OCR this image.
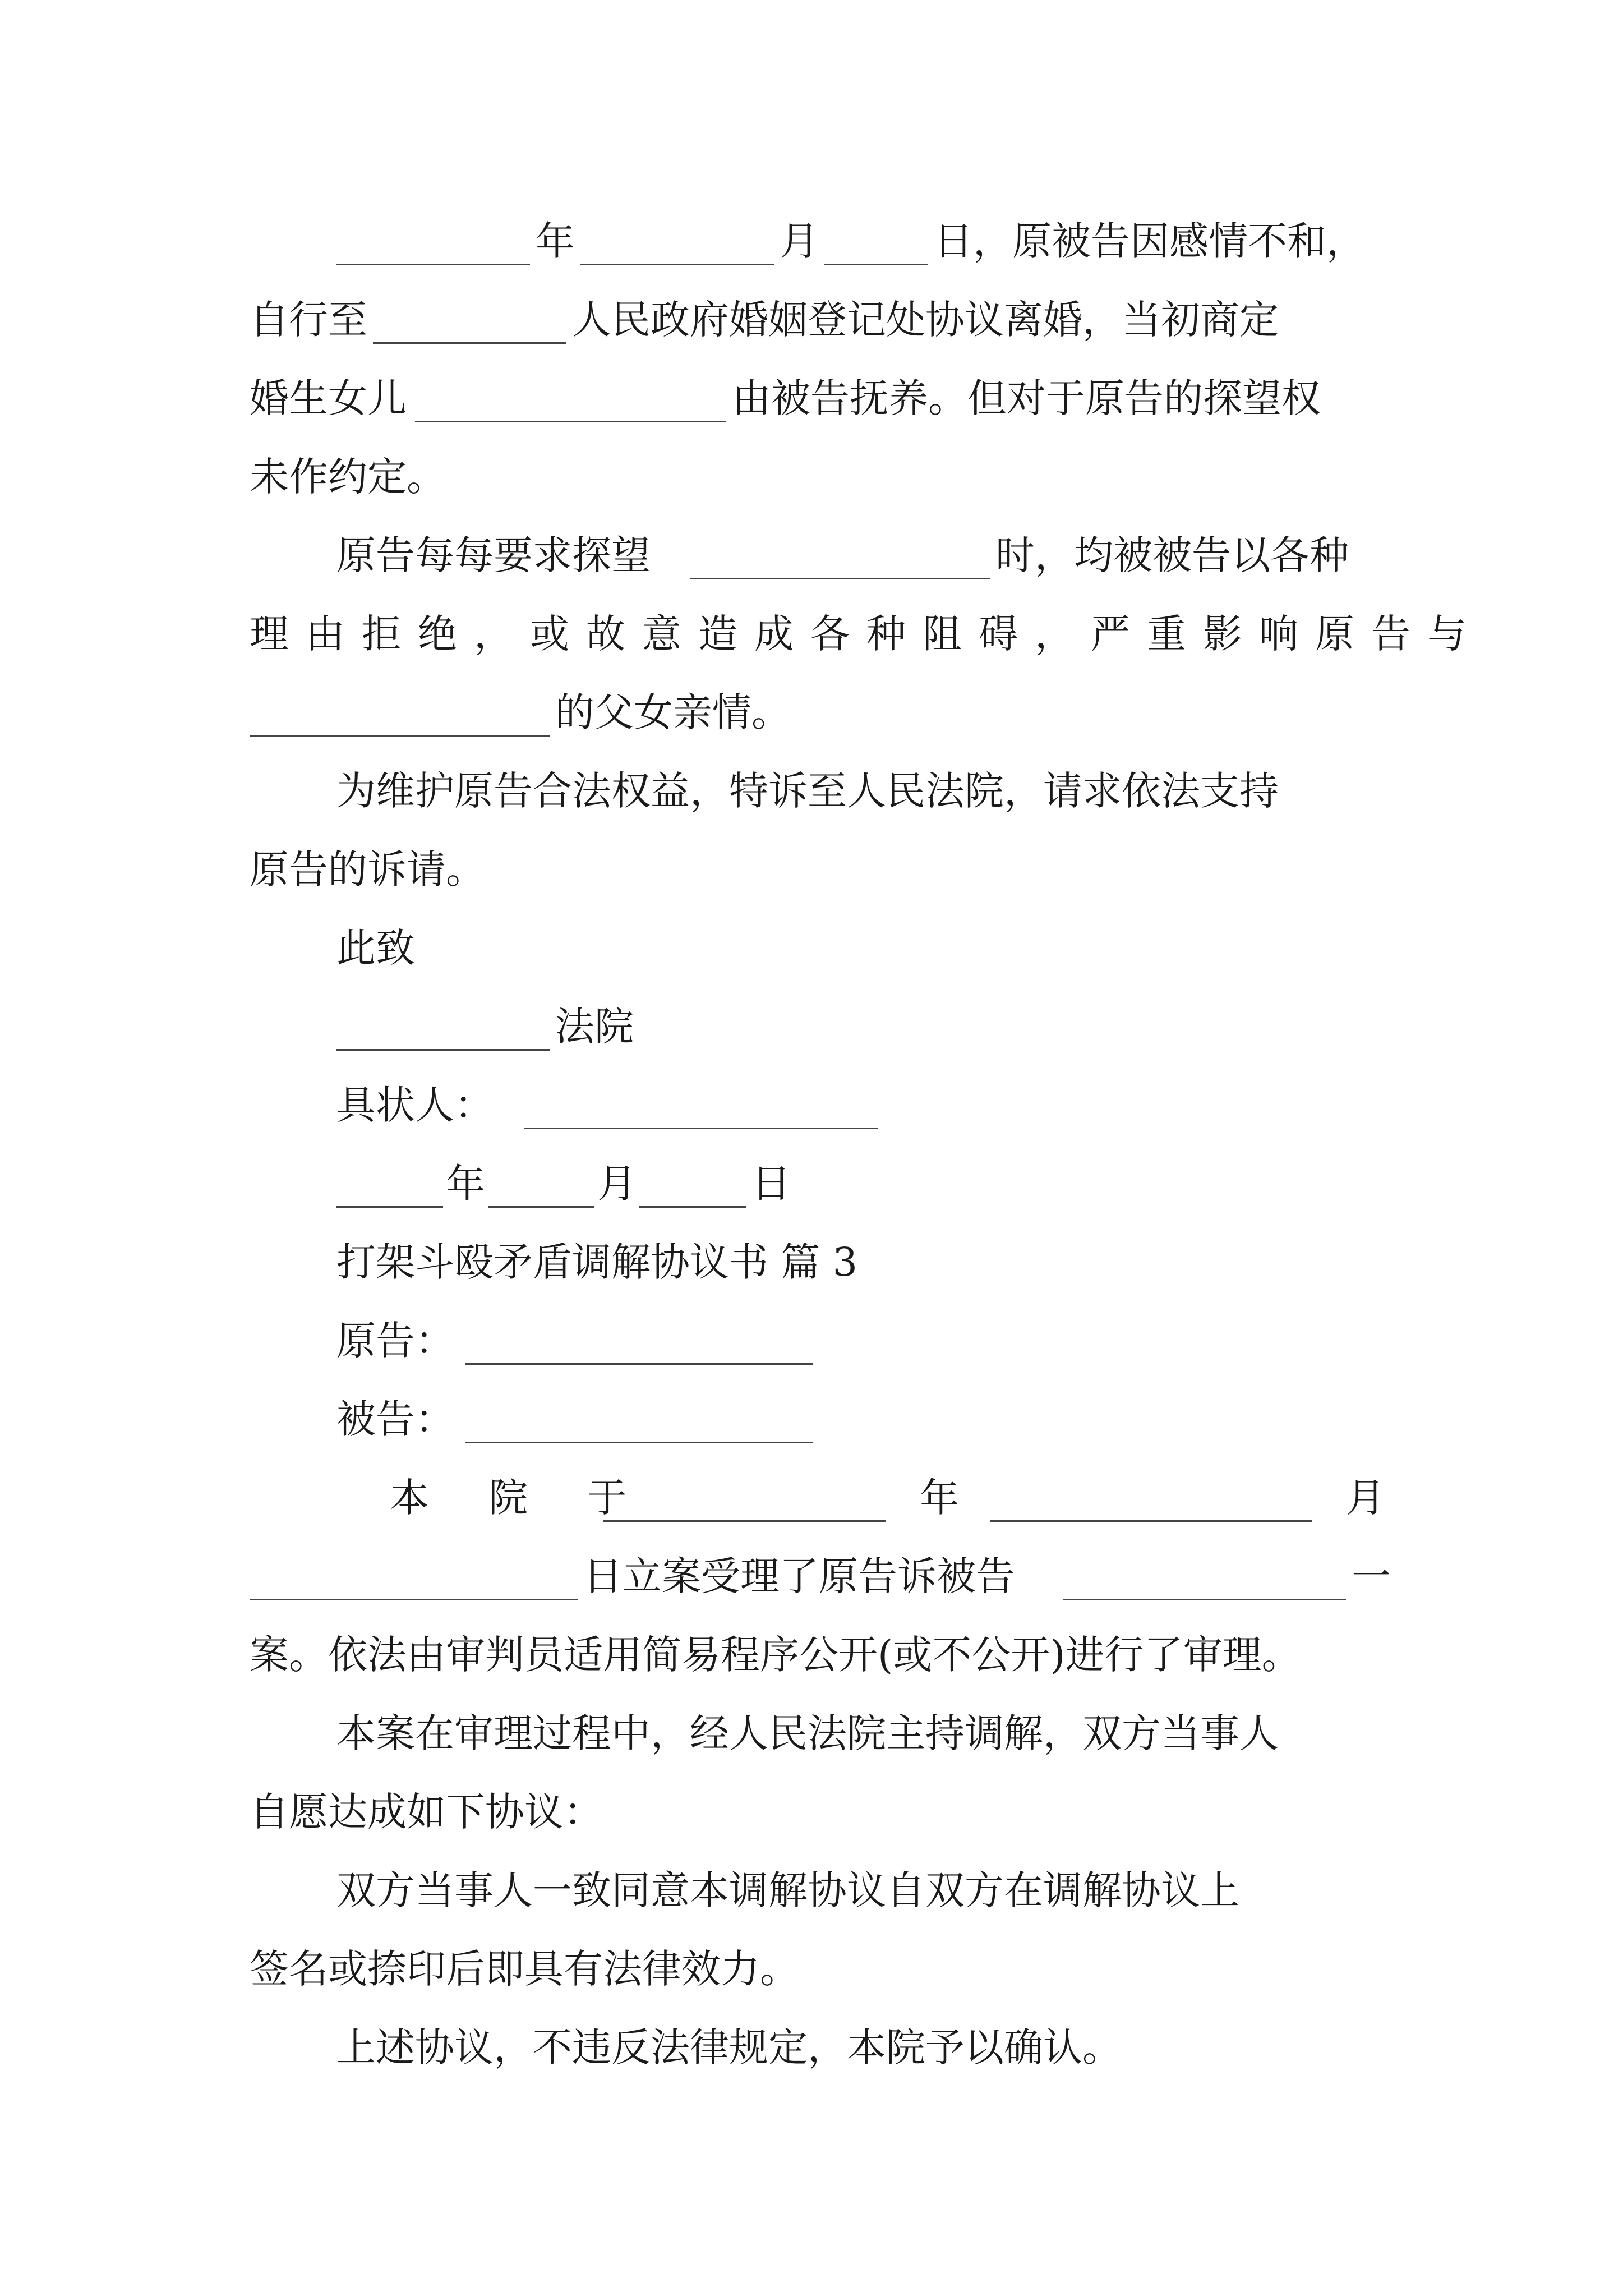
年	月	日，原被告因感情不和，
自行至	人民政府婚姻登记处协议离婚，当初商定
婚生女儿	由被告抚养。但对于原告的探望权
未作约定。
原告每每要求探望	时，均被被告以各种
理由拒绝，或故意造成各种阻碍，严重影响原告与
的父女亲情。
为维护原告合法权益，特诉至人民法院，请求依法支持
原告的诉请。
此致
法院
具状人：
年	月	日
打架斗殴矛盾调解协议书 篇 3
原告：
被告：
本 院 于	年	月
日立案受理了原告诉被告	一
案。依法由审判员适用简易程序公开(或不公开)进行了审理。
本案在审理过程中，经人民法院主持调解，双方当事人
自愿达成如下协议：
双方当事人一致同意本调解协议自双方在调解协议上
签名或捺印后即具有法律效力。
上述协议，不违反法律规定，本院予以确认。
